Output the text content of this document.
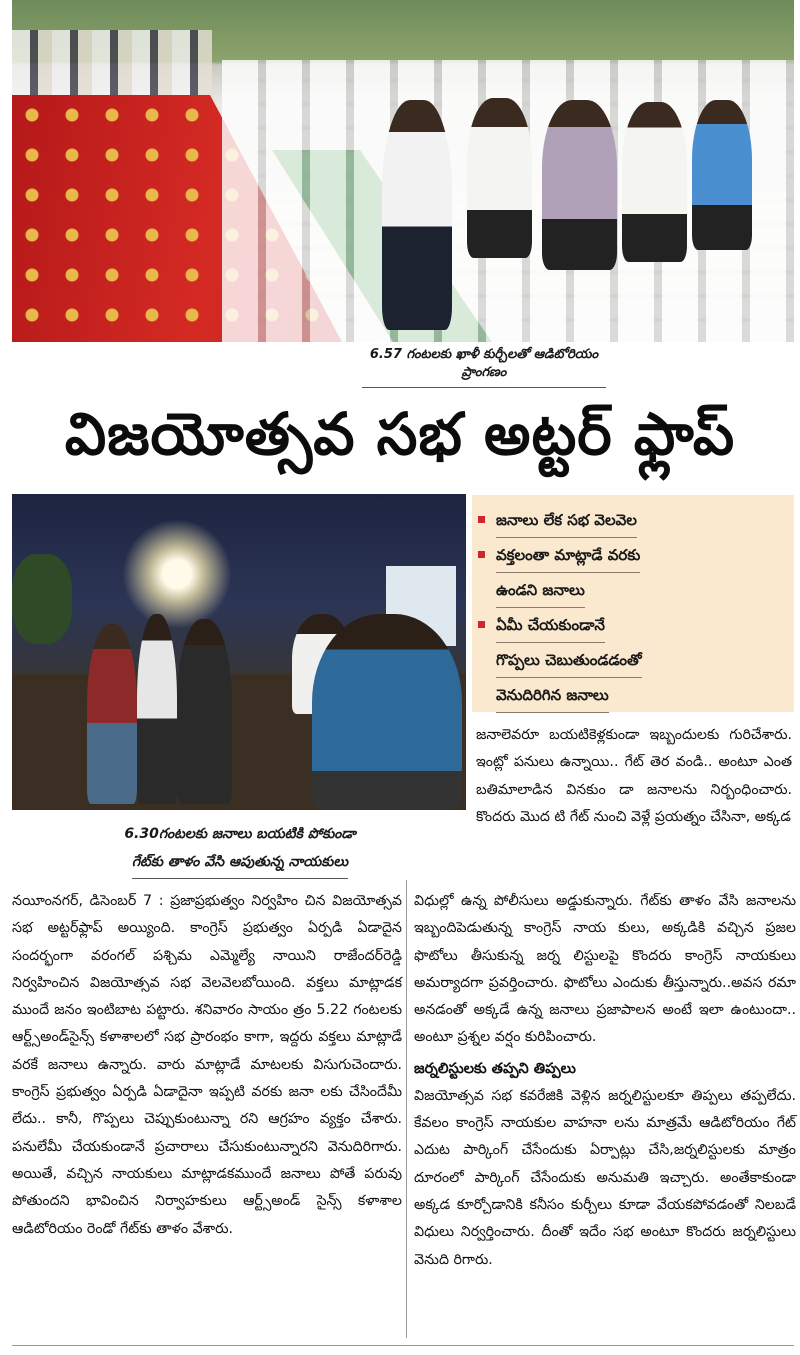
6.57 గంటలకు ఖాళీ కుర్చీలతో ఆడిటోరియం ప్రాంగణం
విజయోత్సవ సభ అట్టర్ ఫ్లాప్
6.30గంటలకు జనాలు బయటికి పోకుండా
గేట్‌కు తాళం వేసి ఆపుతున్న నాయకులు
జనాలు లేక సభ వెలవెల
వక్తలంతా మాట్లాడే వరకు
ఉండని జనాలు
ఏమీ చేయకుండానే
గొప్పలు చెబుతుండడంతో
వెనుదిరిగిన జనాలు

జనాలెవరూ బయటికెళ్లకుండా ఇబ్బందులకు గురిచేశారు. ఇంట్లో పనులు ఉన్నాయి.. గేట్ తెర వండి.. అంటూ ఎంత బతిమాలాడిన వినకుం డా జనాలను నిర్బంధించారు. కొందరు మొద టి గేట్ నుంచి వెళ్లే ప్రయత్నం చేసినా, అక్కడ

నయీంనగర్, డిసెంబర్ 7 : ప్రజాప్రభుత్వం నిర్వహిం చిన విజయోత్సవ సభ అట్టర్‌ఫ్లాప్ అయ్యింది. కాంగ్రెస్ ప్రభుత్వం ఏర్పడి ఏడాదైన సందర్భంగా వరంగల్ పశ్చిమ ఎమ్మెల్యే నాయిని రాజేందర్‌రెడ్డి నిర్వహించిన విజయోత్సవ సభ వెలవెలబోయింది. వక్తలు మాట్లాడక ముందే జనం ఇంటిబాట పట్టారు. శనివారం సాయం త్రం 5.22 గంటలకు ఆర్ట్స్అండ్‌సైన్స్ కళాశాలలో సభ ప్రారంభం కాగా, ఇద్దరు వక్తలు మాట్లాడే వరకే జనాలు ఉన్నారు. వారు మాట్లాడే మాటలకు విసుగుచెందారు. కాంగ్రెస్ ప్రభుత్వం ఏర్పడి ఏడాదైనా ఇప్పటి వరకు జనా లకు చేసిందేమీ లేదు.. కానీ, గొప్పలు చెప్పుకుంటున్నా రని ఆగ్రహం వ్యక్తం చేశారు. పనులేమీ చేయకుండానే ప్రచారాలు చేసుకుంటున్నారని వెనుదిరిగారు. అయితే, వచ్చిన నాయకులు మాట్లాడకముందే జనాలు పోతే పరువు పోతుందని భావించిన నిర్వాహకులు ఆర్ట్స్అండ్ సైన్స్ కళాశాల ఆడిటోరియం రెండో గేట్‌కు తాళం వేశారు.

విధుల్లో ఉన్న పోలీసులు అడ్డుకున్నారు. గేట్‌కు తాళం వేసి జనాలను ఇబ్బందిపెడుతున్న కాంగ్రెస్ నాయ కులు, అక్కడికి వచ్చిన ప్రజల ఫొటోలు తీసుకున్న జర్న లిస్టులపై కొందరు కాంగ్రెస్ నాయకులు అమర్యాదగా ప్రవర్తించారు. ఫొటోలు ఎందుకు తీస్తున్నారు..అవస రమా అనడంతో అక్కడే ఉన్న జనాలు ప్రజాపాలన అంటే ఇలా ఉంటుందా.. అంటూ ప్రశ్నల వర్షం కురిపించారు.

జర్నలిస్టులకు తప్పని తిప్పలు

విజయోత్సవ సభ కవరేజికి వెళ్లిన జర్నలిస్టులకూ తిప్పలు తప్పలేదు. కేవలం కాంగ్రెస్ నాయకుల వాహనా లను మాత్రమే ఆడిటోరియం గేట్ ఎదుట పార్కింగ్ చేసేందుకు ఏర్పాట్లు చేసి,జర్నలిస్టులకు మాత్రం దూరంలో పార్కింగ్ చేసేందుకు అనుమతి ఇచ్చారు. అంతేకాకుండా అక్కడ కూర్చోడానికి కనీసం కుర్చీలు కూడా వేయకపోవడంతో నిలబడే విధులు నిర్వర్తించారు. దీంతో ఇదేం సభ అంటూ కొందరు జర్నలిస్టులు వెనుది రిగారు.
